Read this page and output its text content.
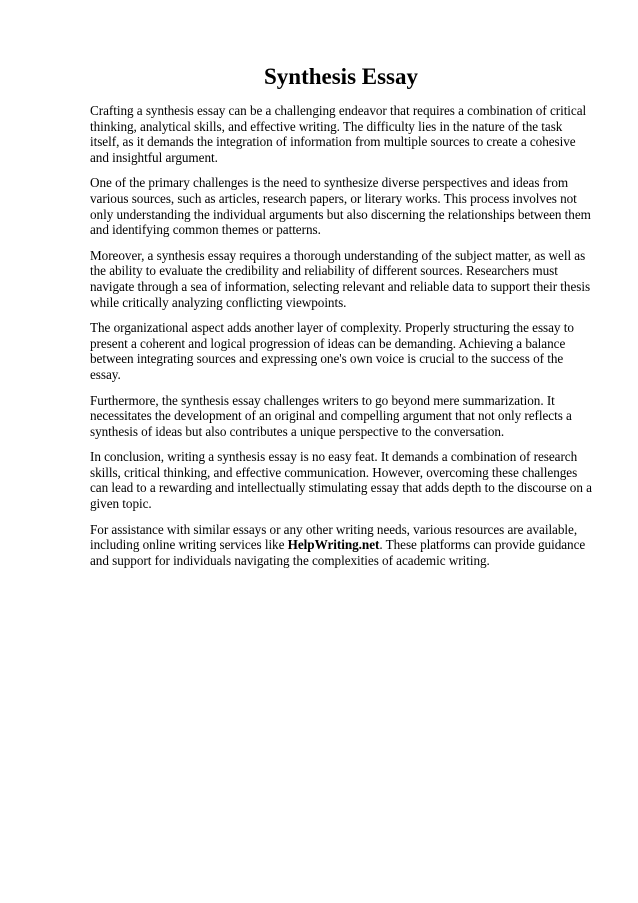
Synthesis Essay

Crafting a synthesis essay can be a challenging endeavor that requires a combination of critical thinking, analytical skills, and effective writing. The difficulty lies in the nature of the task itself, as it demands the integration of information from multiple sources to create a cohesive and insightful argument.

One of the primary challenges is the need to synthesize diverse perspectives and ideas from various sources, such as articles, research papers, or literary works. This process involves not only understanding the individual arguments but also discerning the relationships between them and identifying common themes or patterns.

Moreover, a synthesis essay requires a thorough understanding of the subject matter, as well as the ability to evaluate the credibility and reliability of different sources. Researchers must navigate through a sea of information, selecting relevant and reliable data to support their thesis while critically analyzing conflicting viewpoints.

The organizational aspect adds another layer of complexity. Properly structuring the essay to present a coherent and logical progression of ideas can be demanding. Achieving a balance between integrating sources and expressing one's own voice is crucial to the success of the essay.

Furthermore, the synthesis essay challenges writers to go beyond mere summarization. It necessitates the development of an original and compelling argument that not only reflects a synthesis of ideas but also contributes a unique perspective to the conversation.

In conclusion, writing a synthesis essay is no easy feat. It demands a combination of research skills, critical thinking, and effective communication. However, overcoming these challenges can lead to a rewarding and intellectually stimulating essay that adds depth to the discourse on a given topic.

For assistance with similar essays or any other writing needs, various resources are available, including online writing services like HelpWriting.net. These platforms can provide guidance and support for individuals navigating the complexities of academic writing.
